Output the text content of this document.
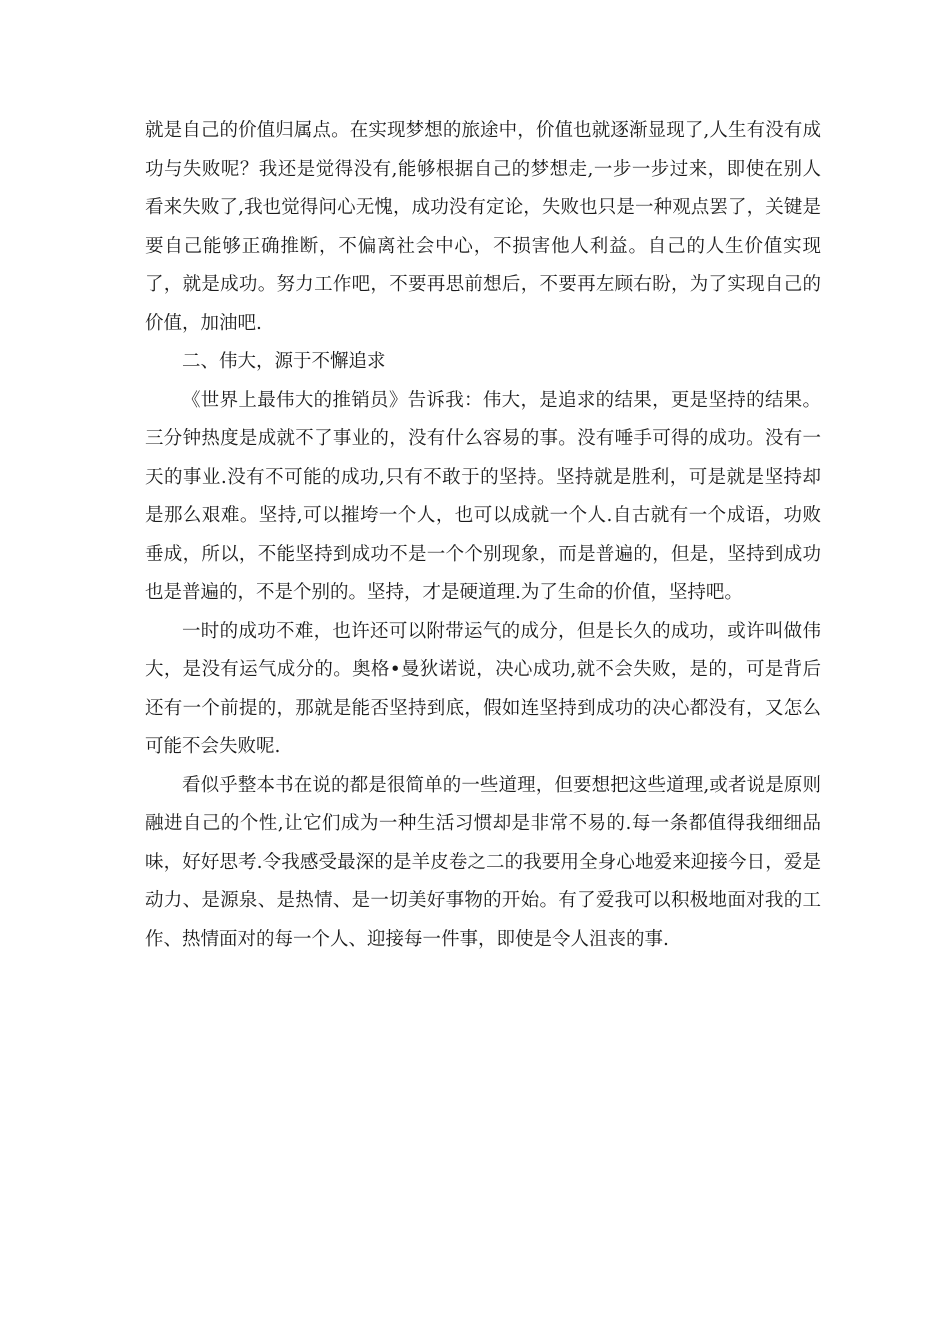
就是自己的价值归属点。在实现梦想的旅途中，价值也就逐渐显现了,人生有没有成功与失败呢？我还是觉得没有,能够根据自己的梦想走,一步一步过来，即使在别人看来失败了,我也觉得问心无愧，成功没有定论，失败也只是一种观点罢了，关键是要自己能够正确推断，不偏离社会中心，不损害他人利益。自己的人生价值实现了，就是成功。努力工作吧，不要再思前想后，不要再左顾右盼，为了实现自己的价值，加油吧.

二、伟大，源于不懈追求

《世界上最伟大的推销员》告诉我：伟大，是追求的结果，更是坚持的结果。三分钟热度是成就不了事业的，没有什么容易的事。没有唾手可得的成功。没有一天的事业.没有不可能的成功,只有不敢于的坚持。坚持就是胜利，可是就是坚持却是那么艰难。坚持,可以摧垮一个人，也可以成就一个人.自古就有一个成语，功败垂成，所以，不能坚持到成功不是一个个别现象，而是普遍的，但是，坚持到成功也是普遍的，不是个别的。坚持，才是硬道理.为了生命的价值，坚持吧。

一时的成功不难，也许还可以附带运气的成分，但是长久的成功，或许叫做伟大，是没有运气成分的。奥格•曼狄诺说，决心成功,就不会失败，是的，可是背后还有一个前提的，那就是能否坚持到底，假如连坚持到成功的决心都没有，又怎么可能不会失败呢.

看似乎整本书在说的都是很简单的一些道理，但要想把这些道理,或者说是原则融进自己的个性,让它们成为一种生活习惯却是非常不易的.每一条都值得我细细品味，好好思考.令我感受最深的是羊皮卷之二的我要用全身心地爱来迎接今日，爱是动力、是源泉、是热情、是一切美好事物的开始。有了爱我可以积极地面对我的工作、热情面对的每一个人、迎接每一件事，即使是令人沮丧的事.
